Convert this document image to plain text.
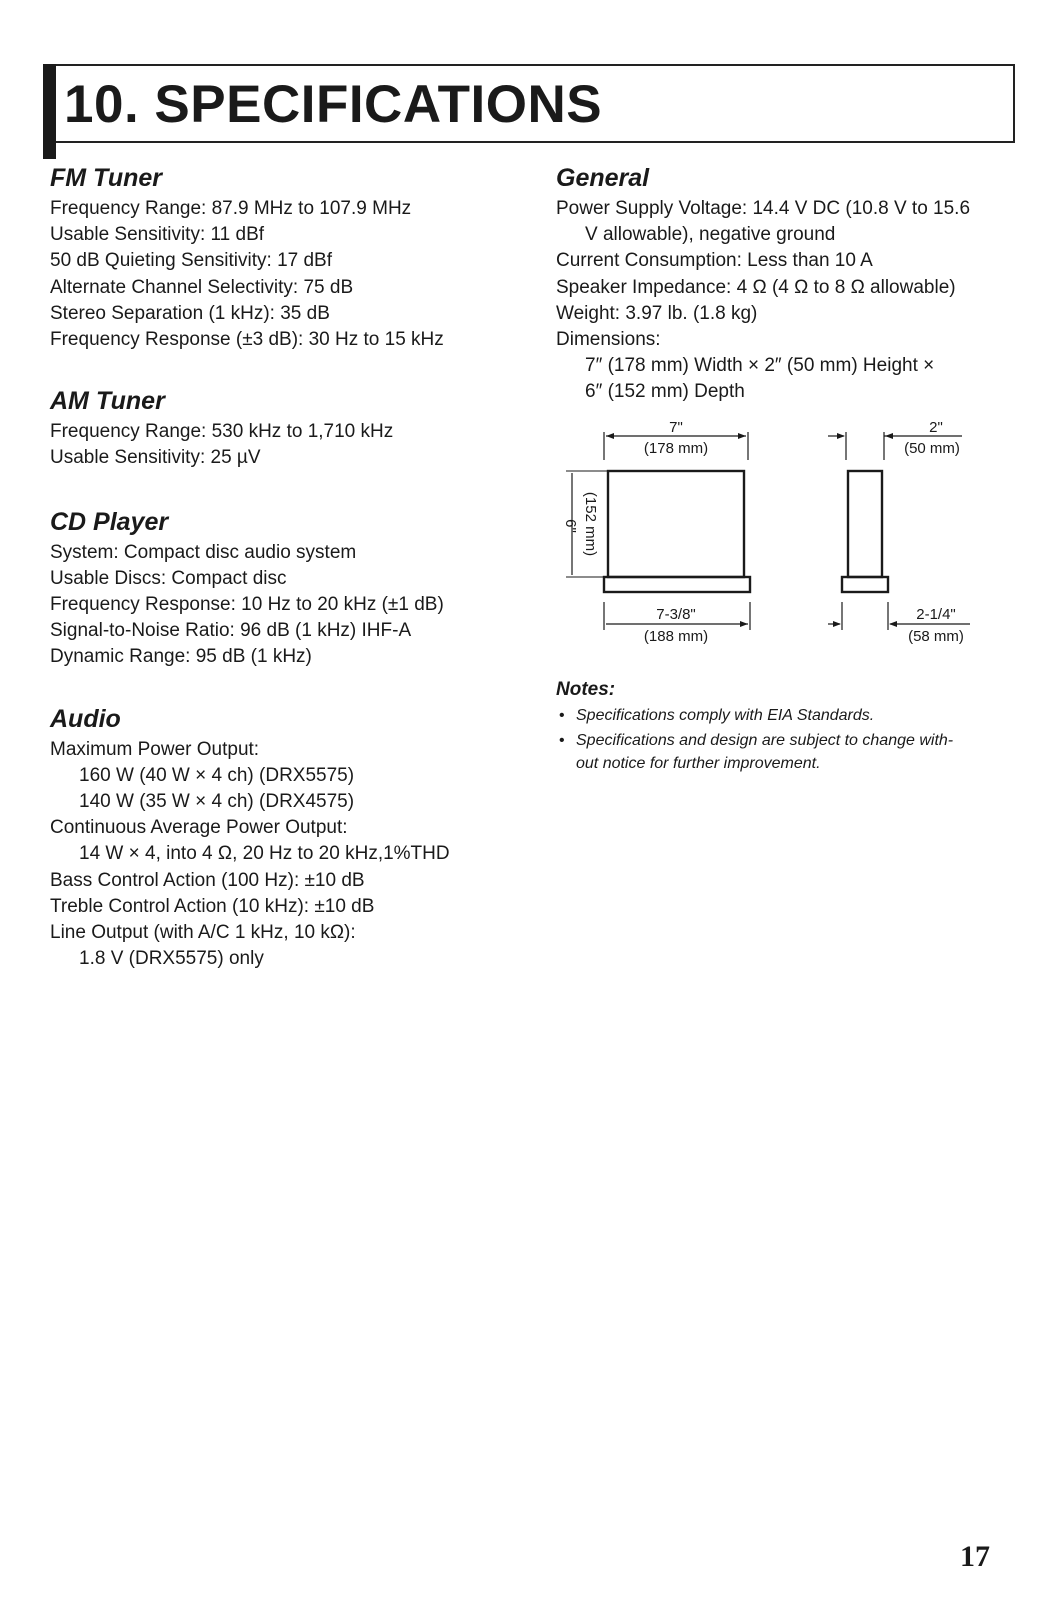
10. SPECIFICATIONS
FM Tuner
Frequency Range: 87.9 MHz to 107.9 MHz
Usable Sensitivity: 11 dBf
50 dB Quieting Sensitivity: 17 dBf
Alternate Channel Selectivity: 75 dB
Stereo Separation (1 kHz): 35 dB
Frequency Response (±3 dB): 30 Hz to 15 kHz
AM Tuner
Frequency Range: 530 kHz to 1,710 kHz
Usable Sensitivity: 25 µV
CD Player
System: Compact disc audio system
Usable Discs: Compact disc
Frequency Response: 10 Hz to 20 kHz (±1 dB)
Signal-to-Noise Ratio: 96 dB (1 kHz) IHF-A
Dynamic Range: 95 dB (1 kHz)
Audio
Maximum Power Output:
160 W (40 W × 4 ch) (DRX5575)
140 W (35 W × 4 ch) (DRX4575)
Continuous Average Power Output:
14 W × 4, into 4 Ω, 20 Hz to 20 kHz,1%THD
Bass Control Action (100 Hz): ±10 dB
Treble Control Action (10 kHz): ±10 dB
Line Output (with A/C 1 kHz, 10 kΩ):
1.8 V (DRX5575) only
General
Power Supply Voltage: 14.4 V DC (10.8 V to 15.6
V allowable), negative ground
Current Consumption: Less than 10 A
Speaker Impedance: 4 Ω (4 Ω to 8 Ω allowable)
Weight: 3.97 lb. (1.8 kg)
Dimensions:
7″ (178 mm) Width × 2″ (50 mm) Height ×
6″ (152 mm) Depth
7"
(178 mm)
6" (152 mm)
7-3/8"
(188 mm)
2"
(50 mm)
2-1/4"
(58 mm)
Notes:
• Specifications comply with EIA Standards.
• Specifications and design are subject to change with-
out notice for further improvement.
17
